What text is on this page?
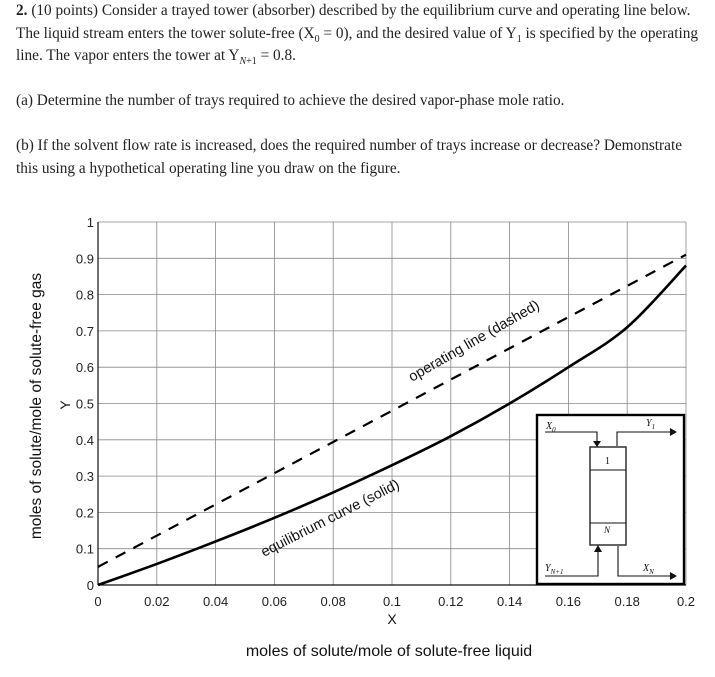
2. (10 points) Consider a trayed tower (absorber) described by the equilibrium curve and operating line below. The liquid stream enters the tower solute-free $(X_0 = 0)$, and the desired value of $Y_1$ is specified by the operating line. The vapor enters the tower at $Y_{N+1} = 0.8$.

(a) Determine the number of trays required to achieve the desired vapor-phase mole ratio.

(b) If the solvent flow rate is increased, does the required number of trays increase or decrease? Demonstrate this using a hypothetical operating line you draw on the figure.

equilibrium curve (solid)
operating line (dashed)
0	0.02	0.04	0.06	0.08	0.1	0.12	0.14	0.16	0.18	0.2
0
0.1
0.2
0.3
0.4
0.5
0.6
0.7
0.8
0.9
1
moles of solute/mole of solute-free gas Y
X
moles of solute/mole of solute-free liquid
$X_0$
$Y_1$
$Y_{N+1}$	$X_N$
1
N
